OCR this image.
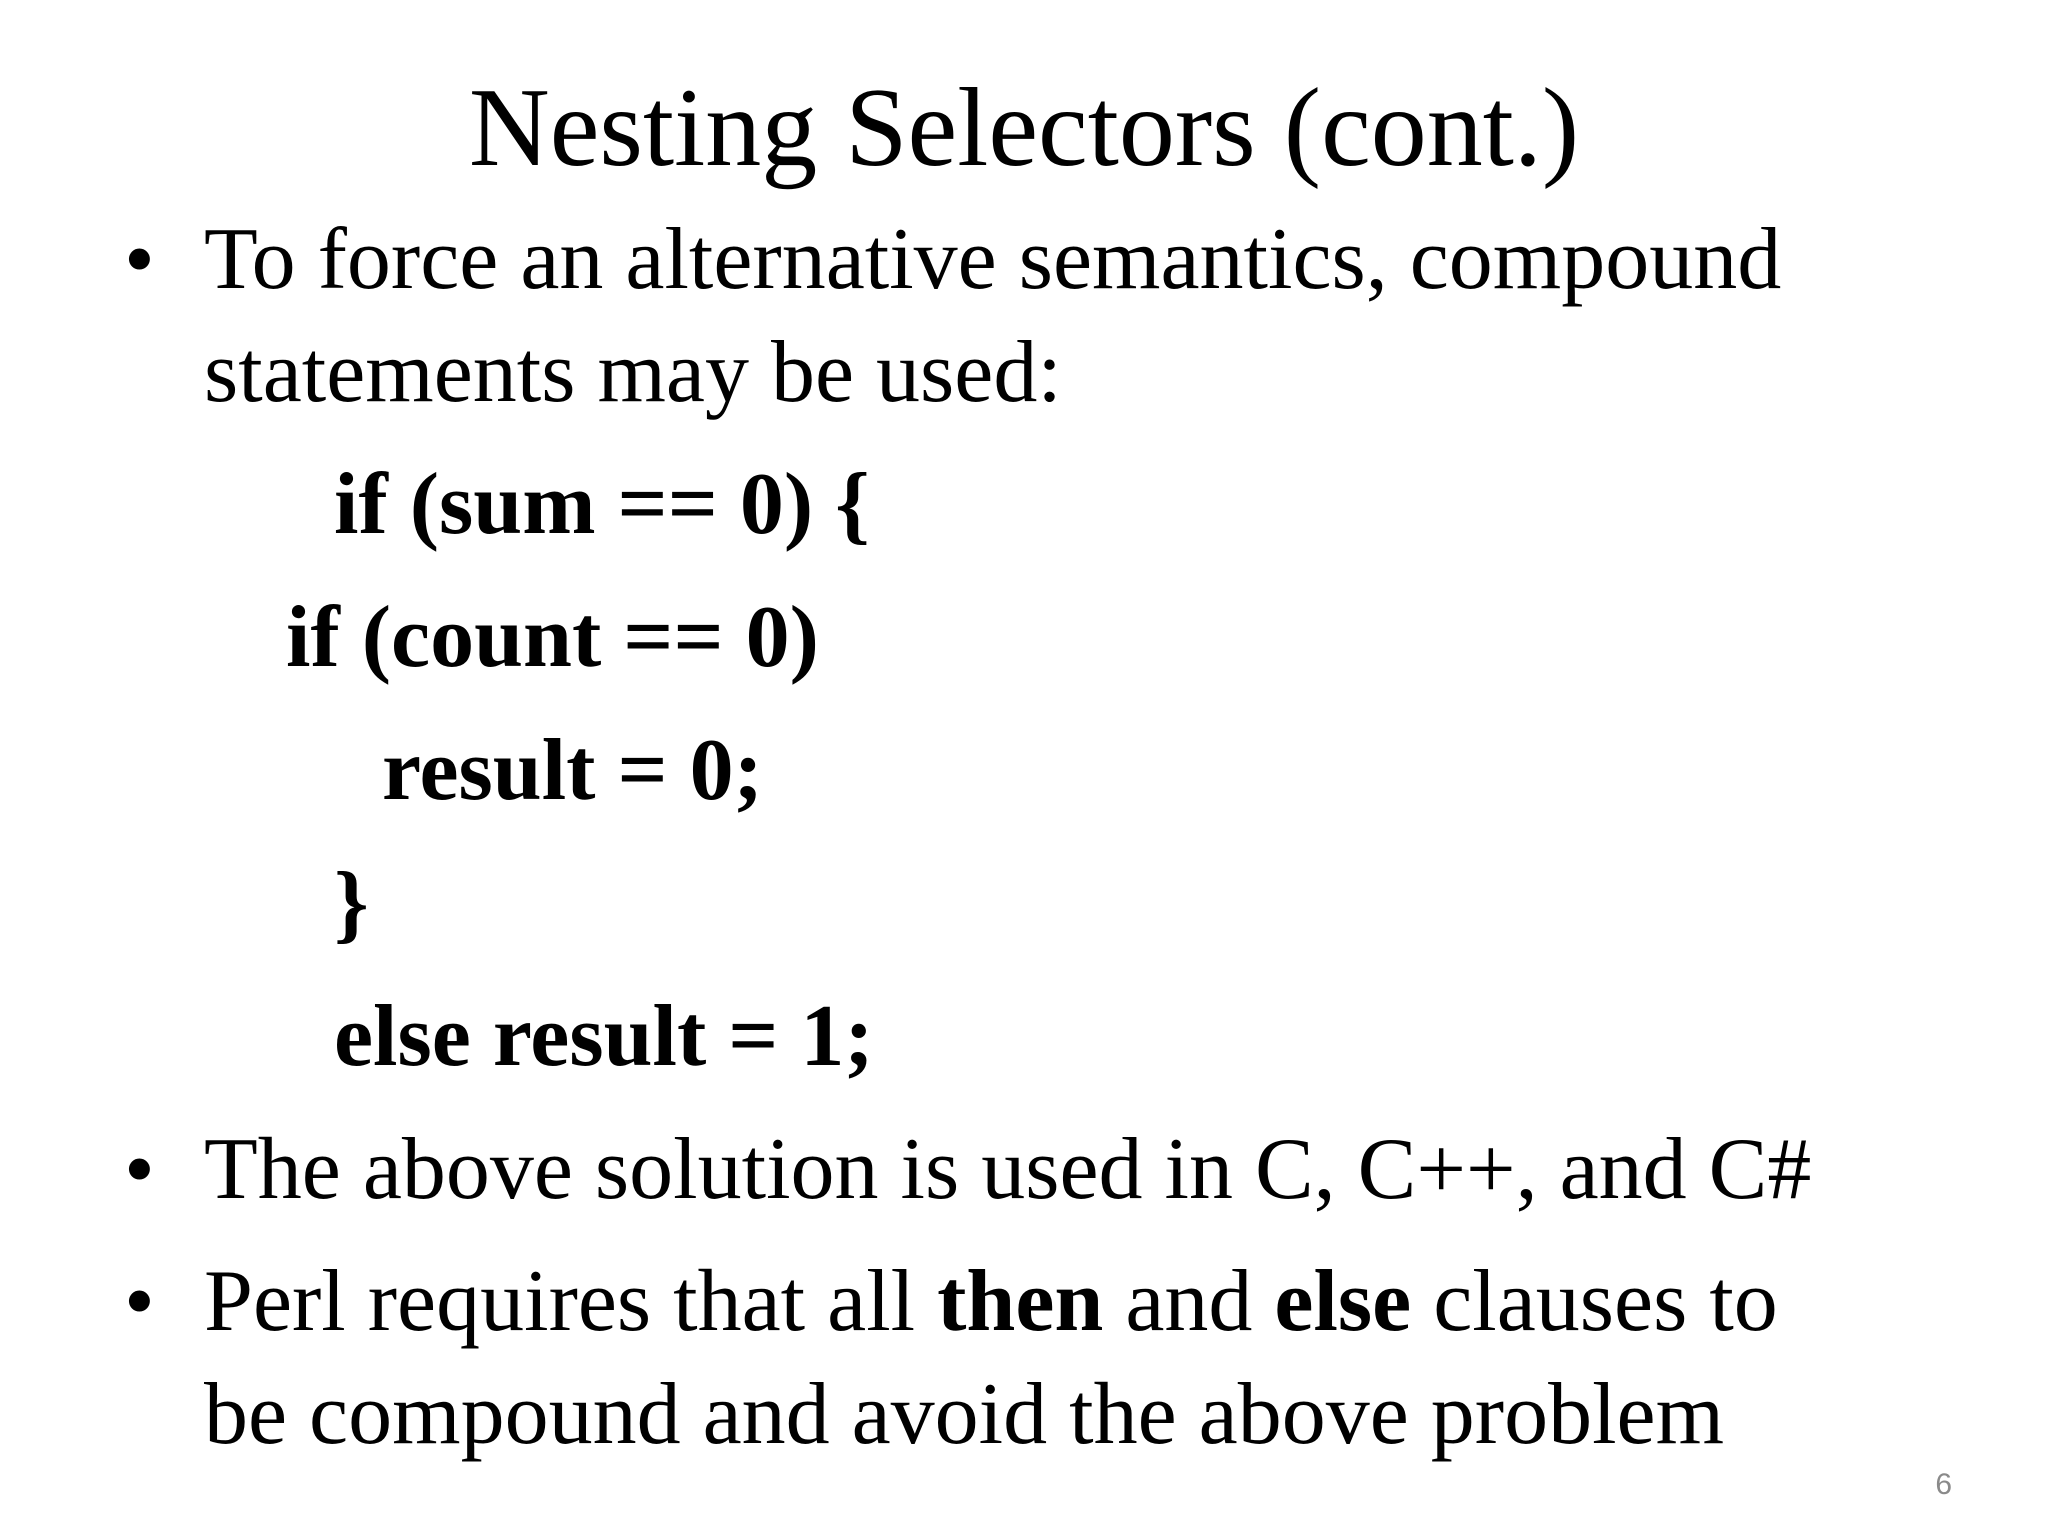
Nesting Selectors (cont.)
• To force an alternative semantics, compound
statements may be used:
if (sum == 0) {
if (count == 0)
result = 0;
}
else result = 1;
• The above solution is used in C, C++, and C#
• Perl requires that all then and else clauses to
be compound and avoid the above problem
6
